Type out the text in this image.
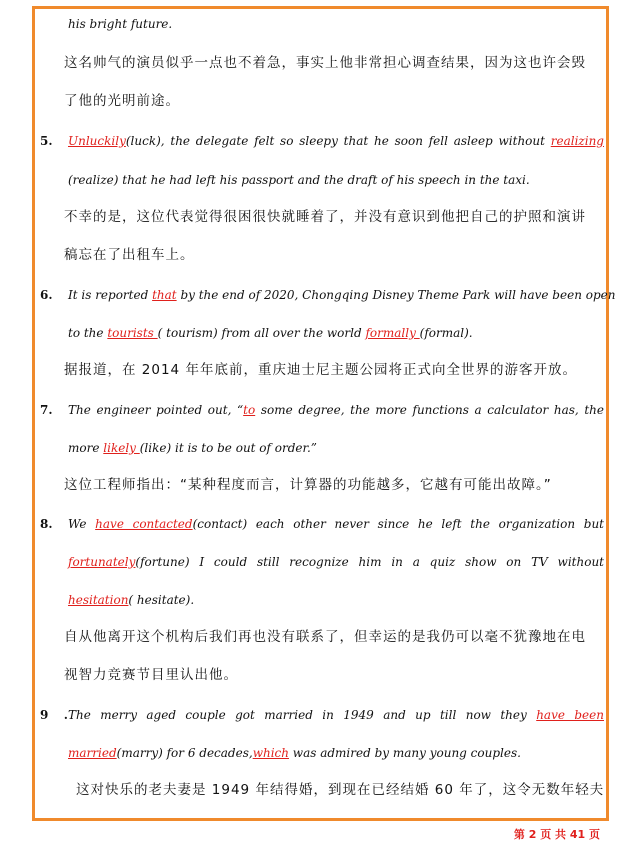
his bright future.
这名帅气的演员似乎一点也不着急，事实上他非常担心调查结果，因为这也许会毁
了他的光明前途。
5. Unluckily(luck), the delegate felt so sleepy that he soon fell asleep without realizing
(realize) that he had left his passport and the draft of his speech in the taxi.
不幸的是，这位代表觉得很困很快就睡着了，并没有意识到他把自己的护照和演讲
稿忘在了出租车上。
6. It is reported that by the end of 2020, Chongqing Disney Theme Park will have been open
to the tourists ( tourism) from all over the world formally (formal).
据报道，在 2014 年年底前，重庆迪士尼主题公园将正式向全世界的游客开放。
7. The engineer pointed out, “to some degree, the more functions a calculator has, the
more likely (like) it is to be out of order.”
这位工程师指出：“某种程度而言，计算器的功能越多，它越有可能出故障。”
8. We have contacted(contact) each other never since he left the organization but
fortunately(fortune) I could still recognize him in a quiz show on TV without
hesitation( hesitate).
自从他离开这个机构后我们再也没有联系了，但幸运的是我仍可以毫不犹豫地在电
视智力竞赛节目里认出他。
9 .The merry aged couple got married in 1949 and up till now they have been
married(marry) for 6 decades,which was admired by many young couples.
这对快乐的老夫妻是 1949 年结得婚，到现在已经结婚 60 年了，这令无数年轻夫
第 2 页 共 41 页
